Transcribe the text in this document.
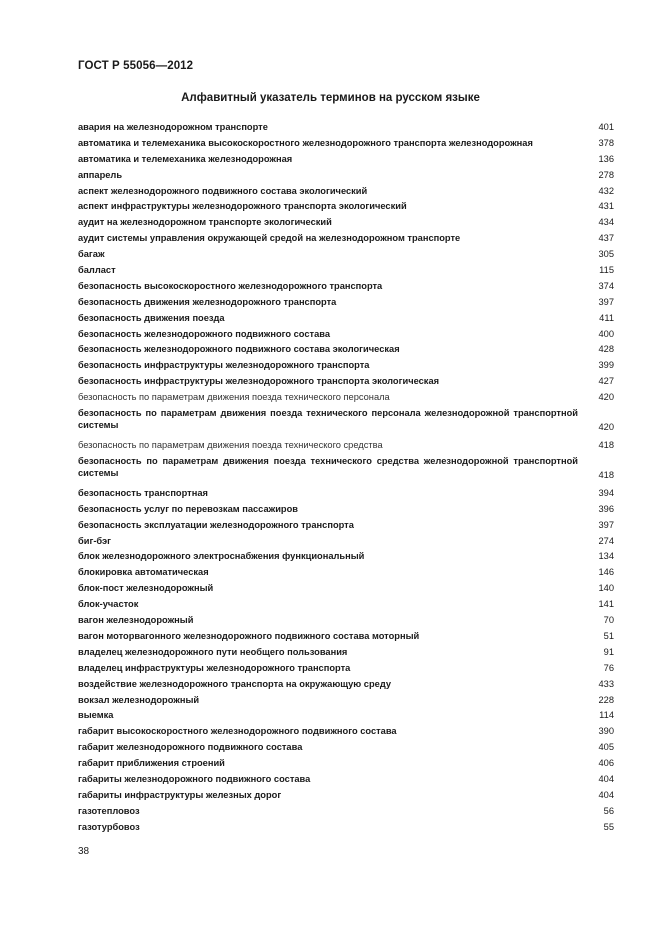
ГОСТ Р 55056—2012
Алфавитный указатель терминов на русском языке
авария на железнодорожном транспорте	401
автоматика и телемеханика высокоскоростного железнодорожного транспорта железнодорожная	378
автоматика и телемеханика железнодорожная	136
аппарель	278
аспект железнодорожного подвижного состава экологический	432
аспект инфраструктуры железнодорожного транспорта экологический	431
аудит на железнодорожном транспорте экологический	434
аудит системы управления окружающей средой на железнодорожном транспорте	437
багаж	305
балласт	115
безопасность высокоскоростного железнодорожного транспорта	374
безопасность движения железнодорожного транспорта	397
безопасность движения поезда	411
безопасность железнодорожного подвижного состава	400
безопасность железнодорожного подвижного состава экологическая	428
безопасность инфраструктуры железнодорожного транспорта	399
безопасность инфраструктуры железнодорожного транспорта экологическая	427
безопасность по параметрам движения поезда технического персонала	420
безопасность по параметрам движения поезда технического персонала железнодорожной транспортной системы	420
безопасность по параметрам движения поезда технического средства	418
безопасность по параметрам движения поезда технического средства железнодорожной транспортной системы	418
безопасность транспортная	394
безопасность услуг по перевозкам пассажиров	396
безопасность эксплуатации железнодорожного транспорта	397
биг-бэг	274
блок железнодорожного электроснабжения функциональный	134
блокировка автоматическая	146
блок-пост железнодорожный	140
блок-участок	141
вагон железнодорожный	70
вагон моторвагонного железнодорожного подвижного состава моторный	51
владелец железнодорожного пути необщего пользования	91
владелец инфраструктуры железнодорожного транспорта	76
воздействие железнодорожного транспорта на окружающую среду	433
вокзал железнодорожный	228
выемка	114
габарит высокоскоростного железнодорожного подвижного состава	390
габарит железнодорожного подвижного состава	405
габарит приближения строений	406
габариты железнодорожного подвижного состава	404
габариты инфраструктуры железных дорог	404
газотепловоз	56
газотурбовоз	55
38
